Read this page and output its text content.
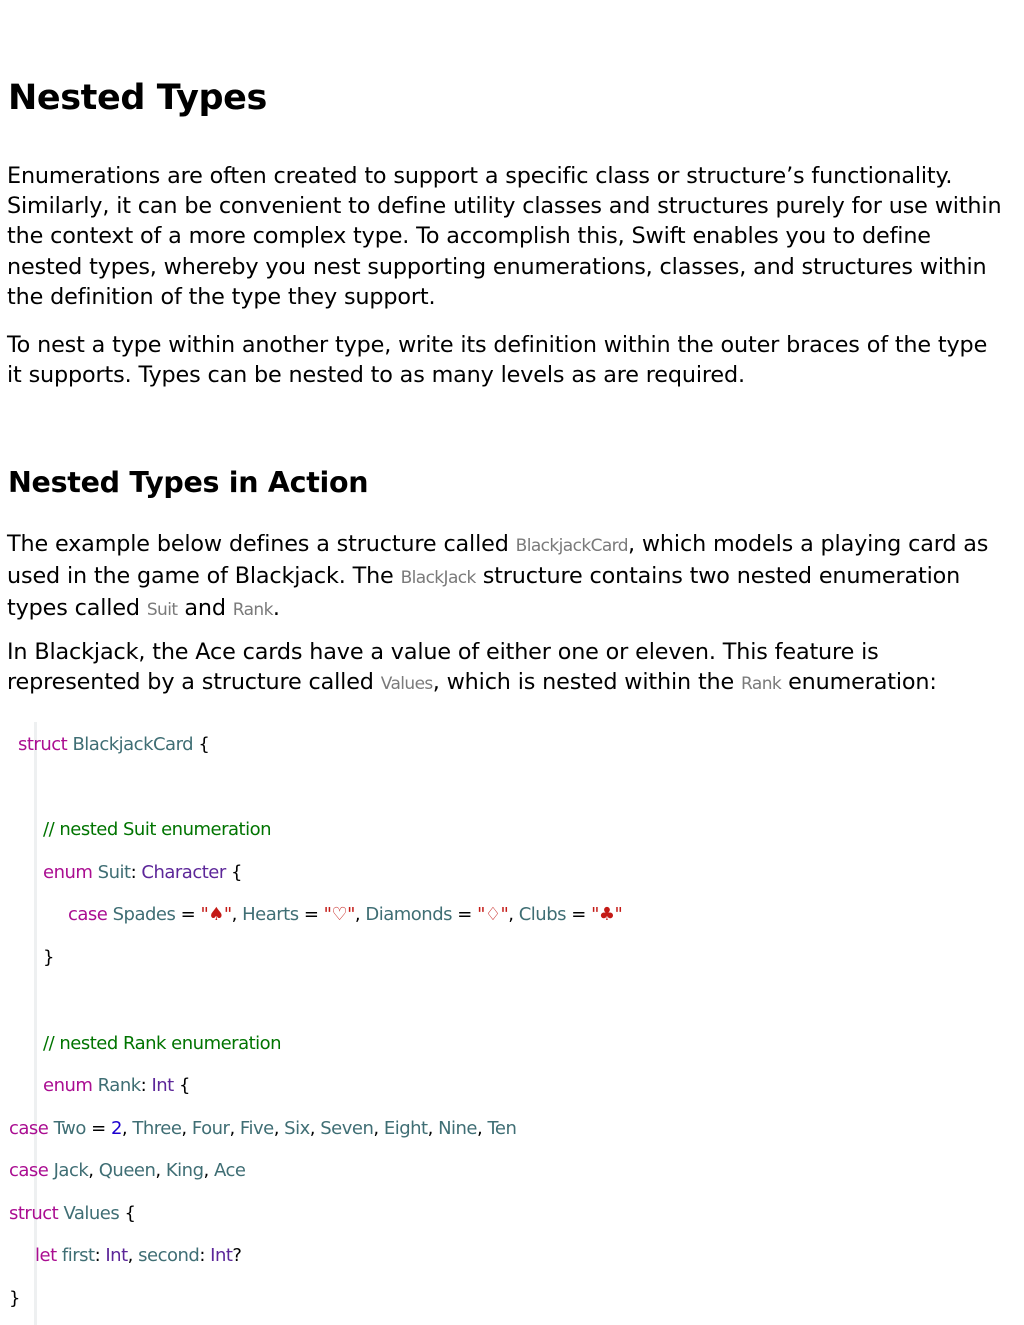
Nested Types

Enumerations are often created to support a specific class or structure’s functionality.
Similarly, it can be convenient to define utility classes and structures purely for use within
the context of a more complex type. To accomplish this, Swift enables you to define
nested types, whereby you nest supporting enumerations, classes, and structures within
the definition of the type they support.

To nest a type within another type, write its definition within the outer braces of the type
it supports. Types can be nested to as many levels as are required.

Nested Types in Action

The example below defines a structure called BlackjackCard, which models a playing card as
used in the game of Blackjack. The BlackJack structure contains two nested enumeration
types called Suit and Rank.

In Blackjack, the Ace cards have a value of either one or eleven. This feature is
represented by a structure called Values, which is nested within the Rank enumeration:

struct BlackjackCard {
// nested Suit enumeration
enum Suit: Character {
case Spades = "♠", Hearts = "♡", Diamonds = "♢", Clubs = "♣"
}
// nested Rank enumeration
enum Rank: Int {
case Two = 2, Three, Four, Five, Six, Seven, Eight, Nine, Ten
case Jack, Queen, King, Ace
struct Values {
let first: Int, second: Int?
}
